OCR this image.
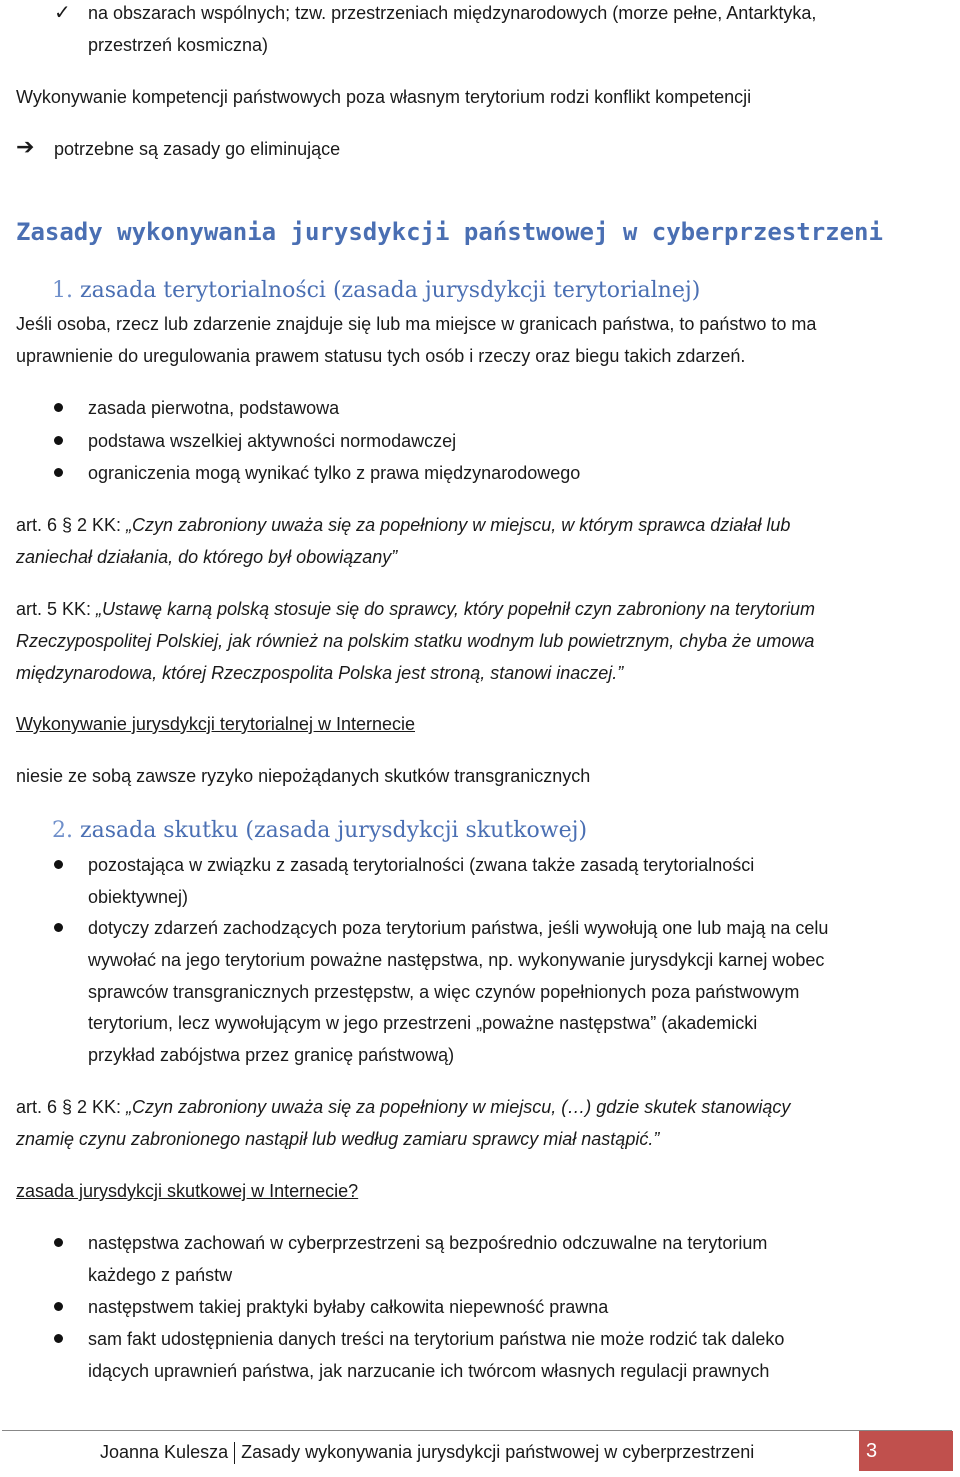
✓ na obszarach wspólnych; tzw. przestrzeniach międzynarodowych (morze pełne, Antarktyka,
przestrzeń kosmiczna)
Wykonywanie kompetencji państwowych poza własnym terytorium rodzi konflikt kompetencji
➔ potrzebne są zasady go eliminujące
Zasady wykonywania jurysdykcji państwowej w cyberprzestrzeni
1. zasada terytorialności (zasada jurysdykcji terytorialnej)
Jeśli osoba, rzecz lub zdarzenie znajduje się lub ma miejsce w granicach państwa, to państwo to ma
uprawnienie do uregulowania prawem statusu tych osób i rzeczy oraz biegu takich zdarzeń.
zasada pierwotna, podstawowa
podstawa wszelkiej aktywności normodawczej
ograniczenia mogą wynikać tylko z prawa międzynarodowego
art. 6 § 2 KK: „Czyn zabroniony uważa się za popełniony w miejscu, w którym sprawca działał lub
zaniechał działania, do którego był obowiązany”
art. 5 KK: „Ustawę karną polską stosuje się do sprawcy, który popełnił czyn zabroniony na terytorium
Rzeczypospolitej Polskiej, jak również na polskim statku wodnym lub powietrznym, chyba że umowa
międzynarodowa, której Rzeczpospolita Polska jest stroną, stanowi inaczej.”
Wykonywanie jurysdykcji terytorialnej w Internecie
niesie ze sobą zawsze ryzyko niepożądanych skutków transgranicznych
2. zasada skutku (zasada jurysdykcji skutkowej)
pozostająca w związku z zasadą terytorialności (zwana także zasadą terytorialności
obiektywnej)
dotyczy zdarzeń zachodzących poza terytorium państwa, jeśli wywołują one lub mają na celu
wywołać na jego terytorium poważne następstwa, np. wykonywanie jurysdykcji karnej wobec
sprawców transgranicznych przestępstw, a więc czynów popełnionych poza państwowym
terytorium, lecz wywołującym w jego przestrzeni „poważne następstwa” (akademicki
przykład zabójstwa przez granicę państwową)
art. 6 § 2 KK: „Czyn zabroniony uważa się za popełniony w miejscu, (…) gdzie skutek stanowiący
znamię czynu zabronionego nastąpił lub według zamiaru sprawcy miał nastąpić.”
zasada jurysdykcji skutkowej w Internecie?
następstwa zachowań w cyberprzestrzeni są bezpośrednio odczuwalne na terytorium
każdego z państw
następstwem takiej praktyki byłaby całkowita niepewność prawna
sam fakt udostępnienia danych treści na terytorium państwa nie może rodzić tak daleko
idących uprawnień państwa, jak narzucanie ich twórcom własnych regulacji prawnych
Joanna Kulesza Zasady wykonywania jurysdykcji państwowej w cyberprzestrzeni	3
